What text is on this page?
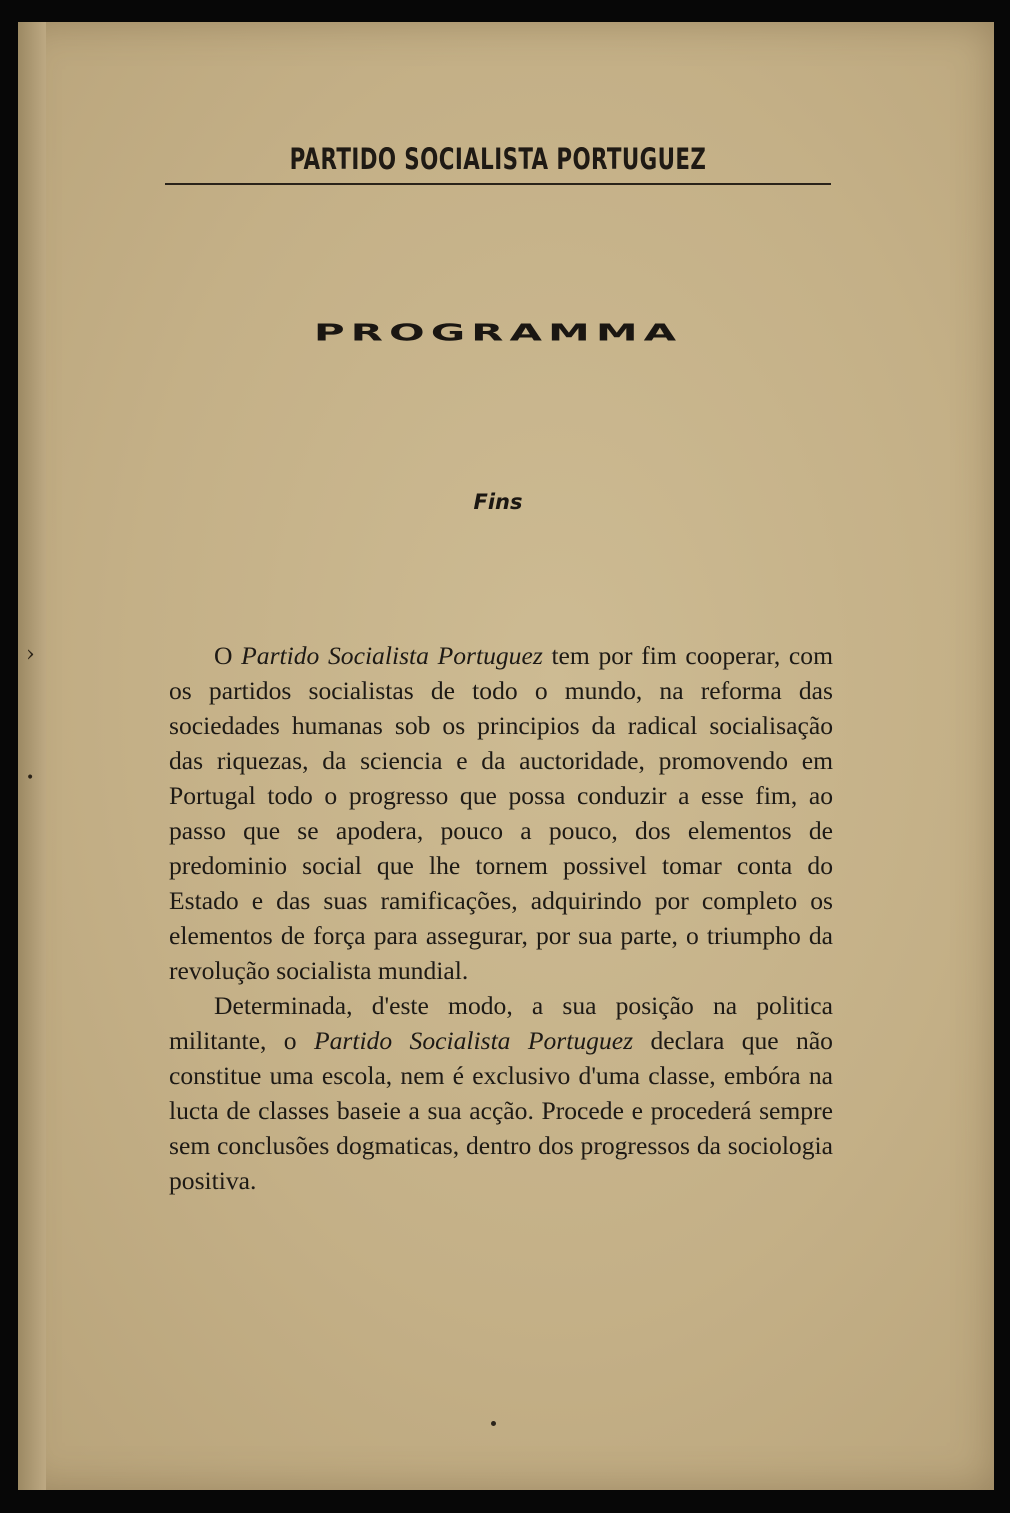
›
•
PARTIDO SOCIALISTA PORTUGUEZ
PROGRAMMA
Fins

O Partido Socialista Portuguez tem por fim cooperar, com os partidos socialistas de todo o mundo, na reforma das sociedades humanas sob os principios da radical socialisação das riquezas, da sciencia e da auctoridade, promovendo em Portugal todo o progresso que possa conduzir a esse fim, ao passo que se apodera, pouco a pouco, dos elementos de predominio social que lhe tornem possivel tomar conta do Estado e das suas ramificações, adquirindo por completo os elementos de força para assegurar, por sua parte, o triumpho da revolução socialista mundial.

Determinada, d'este modo, a sua posição na politica militante, o Partido Socialista Portuguez declara que não constitue uma escola, nem é exclusivo d'uma classe, embóra na lucta de classes baseie a sua acção. Procede e procederá sempre sem conclusões dogmaticas, dentro dos progressos da sociologia positiva.
